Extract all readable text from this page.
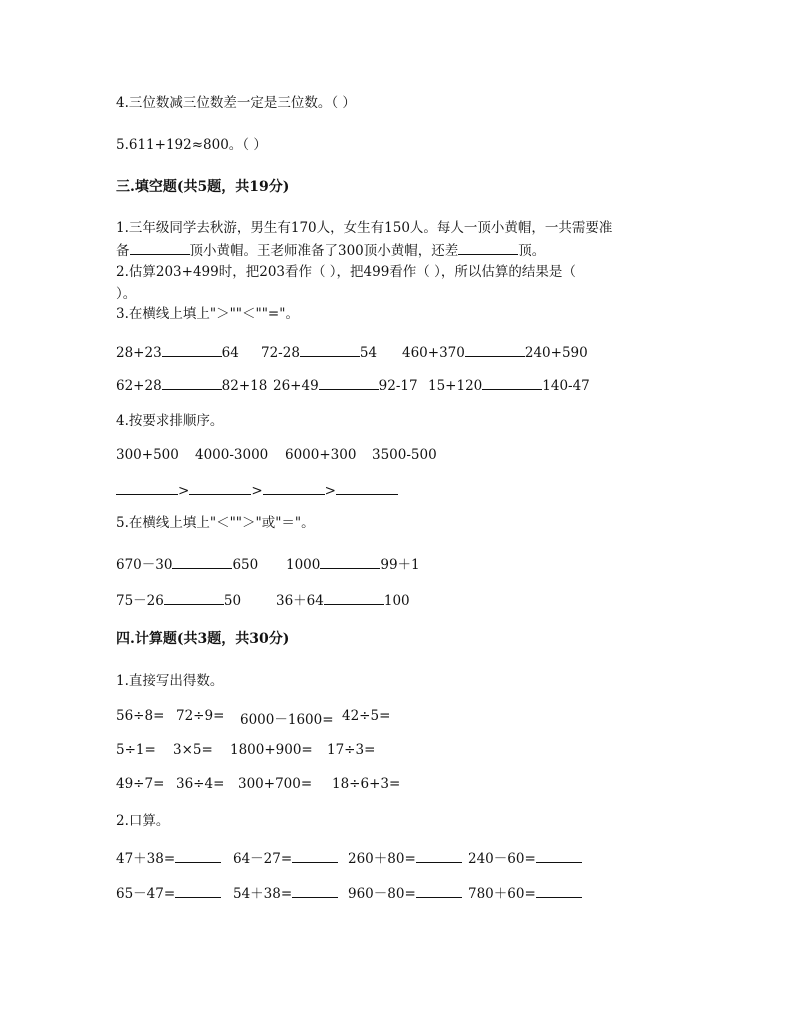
4.三位数减三位数差一定是三位数。（ ）
5.611+192≈800。（ ）
三.填空题(共5题，共19分)
1.三年级同学去秋游，男生有170人，女生有150人。每人一顶小黄帽，一共需要准
备	顶小黄帽。王老师准备了300顶小黄帽，还差	顶。
2.估算203+499时，把203看作（ ），把499看作（ ），所以估算的结果是（
）。
3.在横线上填上"＞""＜""="。
28+23	64 72-28	54 460+370	240+590
62+28	82+18 26+49	92-17 15+120	140-47
4.按要求排顺序。
300+500 4000-3000 6000+300 3500-500
>	>	>
5.在横线上填上"＜""＞"或"＝"。
670－30	650 1000	99＋1
75－26	50	36＋64	100
四.计算题(共3题，共30分)
1.直接写出得数。
56÷8= 72÷9= 6000－1600= 42÷5=
5÷1= 3×5= 1800+900= 17÷3=
49÷7= 36÷4= 300+700= 18÷6+3=
2.口算。
47＋38=	64－27=	260＋80=	240－60=
65－47=	54＋38=	960－80=	780＋60=
